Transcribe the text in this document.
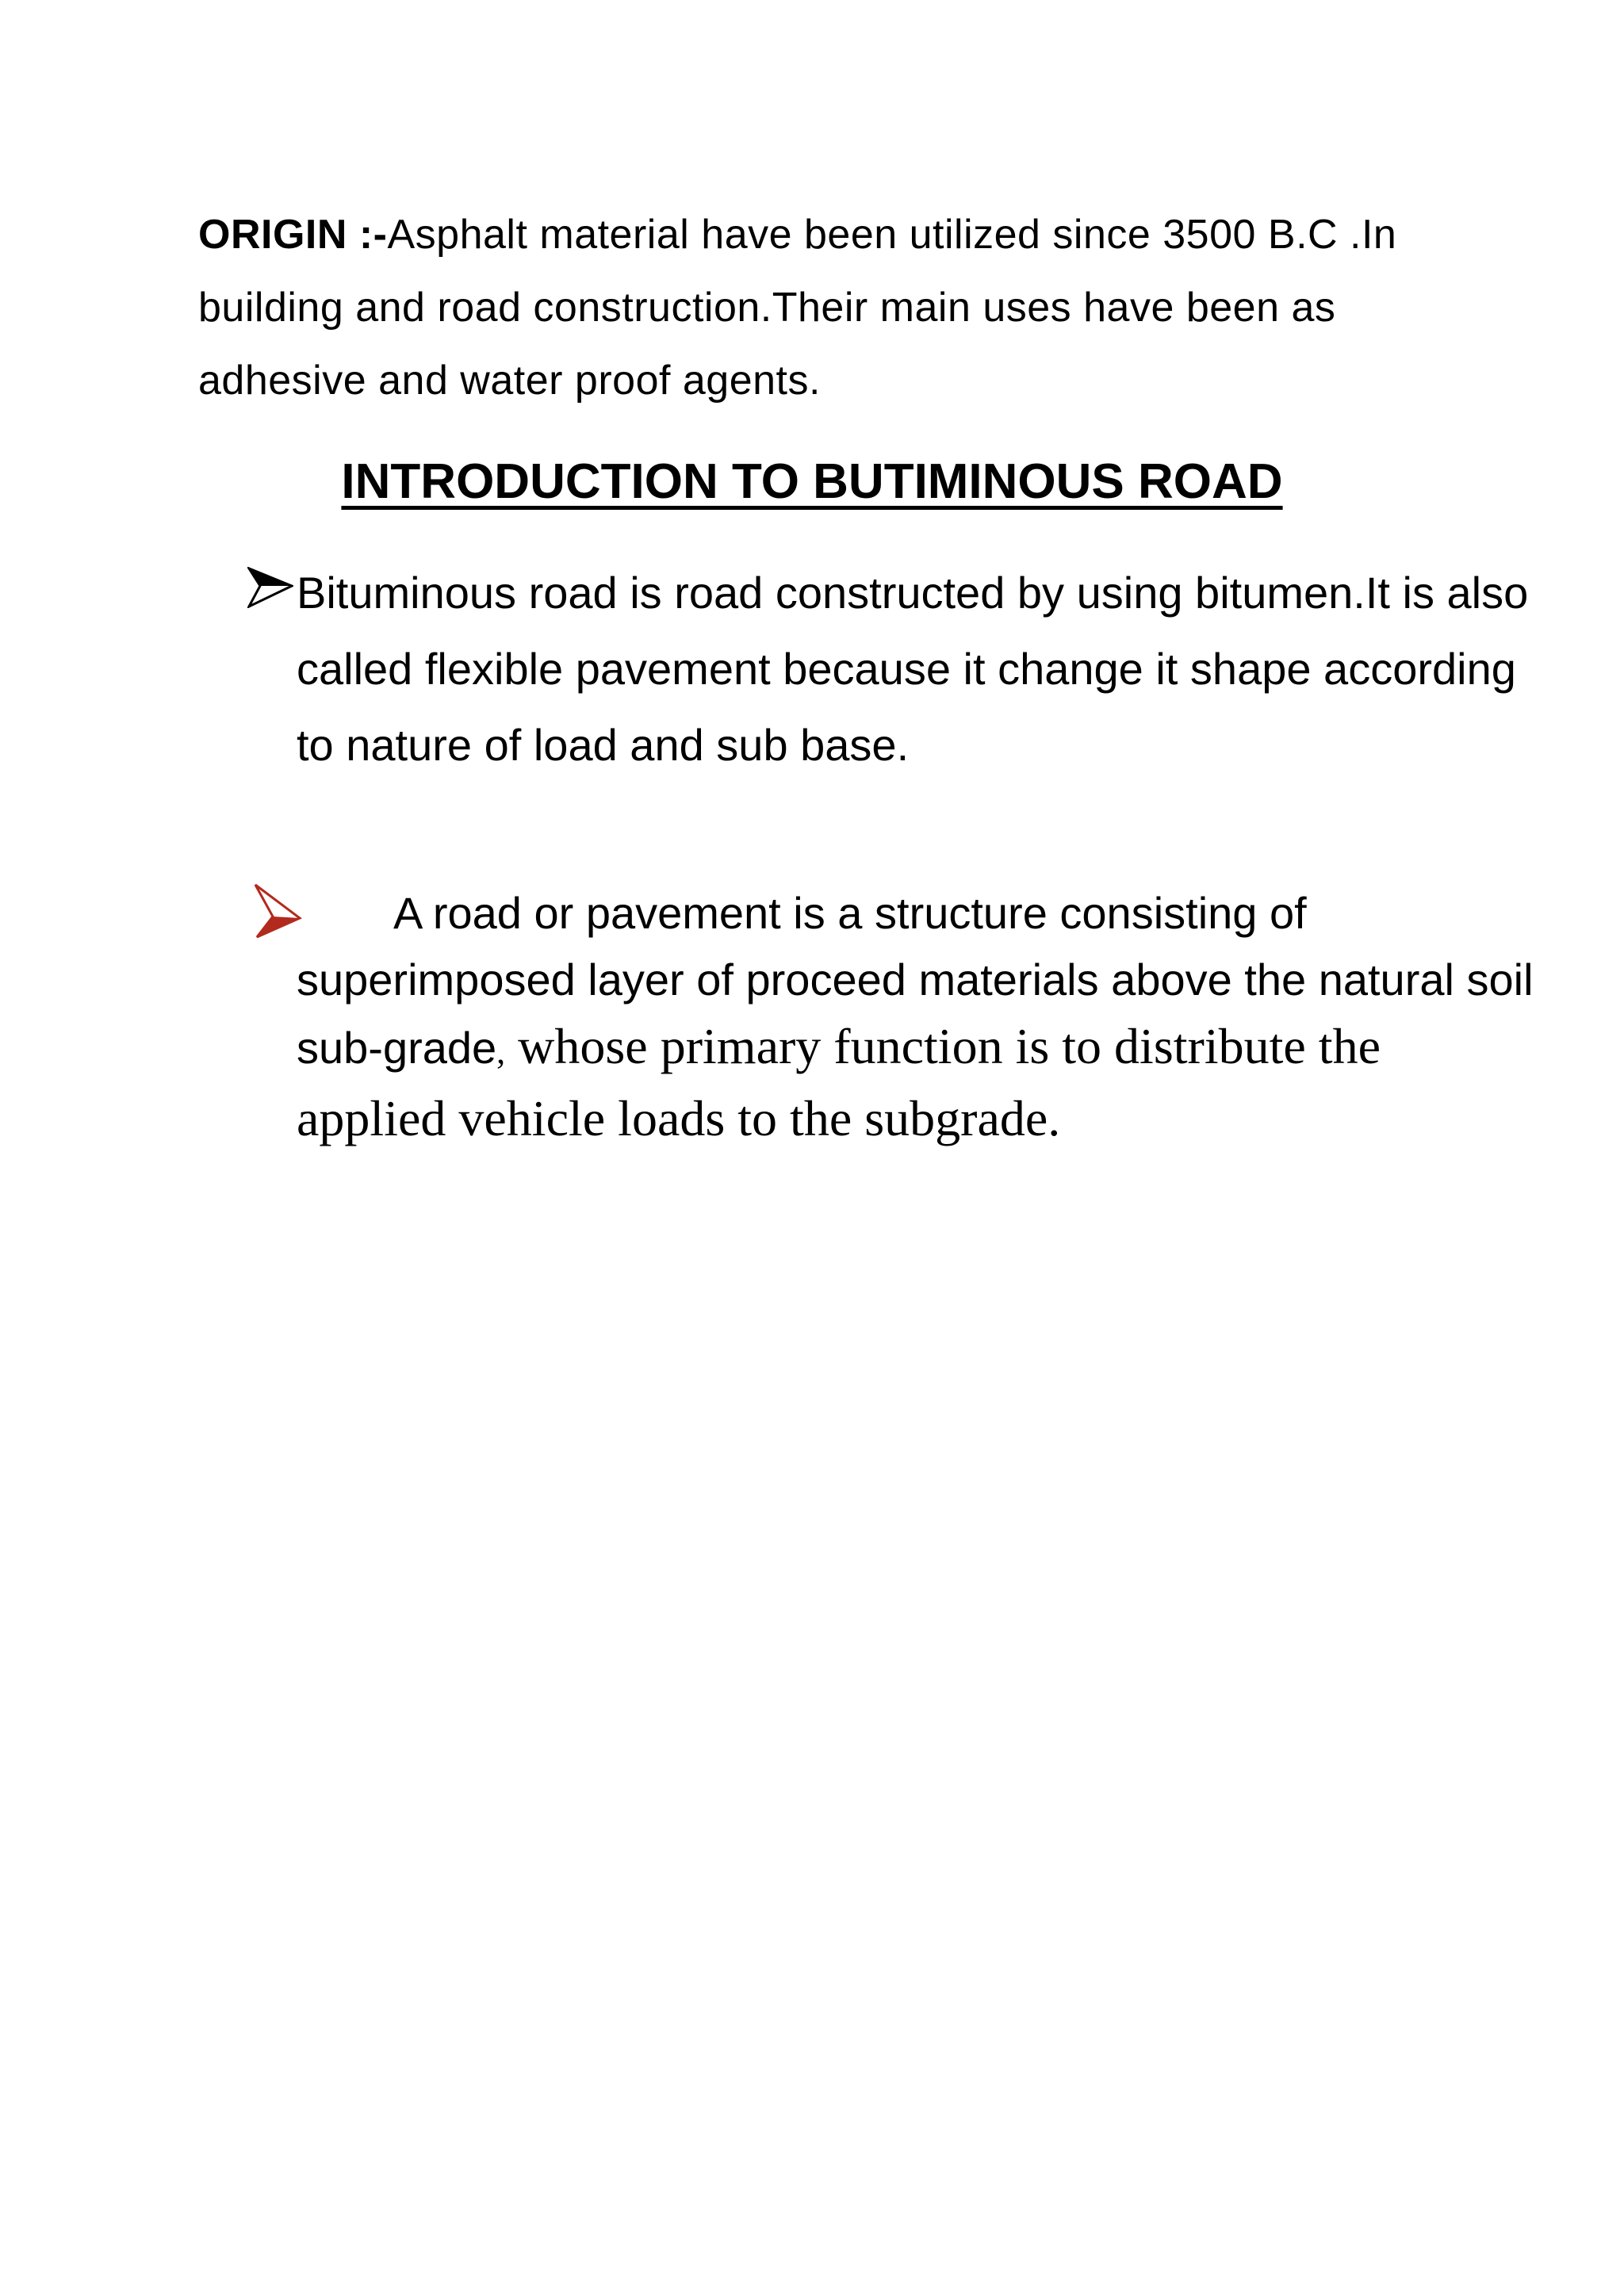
ORIGIN :-Asphalt material have been utilized since 3500 B.C .In building and road construction.Their main uses have been as adhesive and water proof agents.
INTRODUCTION TO BUTIMINOUS ROAD
Bituminous road is road constructed by using bitumen.It is also called flexible pavement because it change it shape according to nature of load and sub base.
A road or pavement is a structure consisting of superimposed layer of proceed materials above the natural soil sub-grade, whose primary function is to distribute the applied vehicle loads to the subgrade.
